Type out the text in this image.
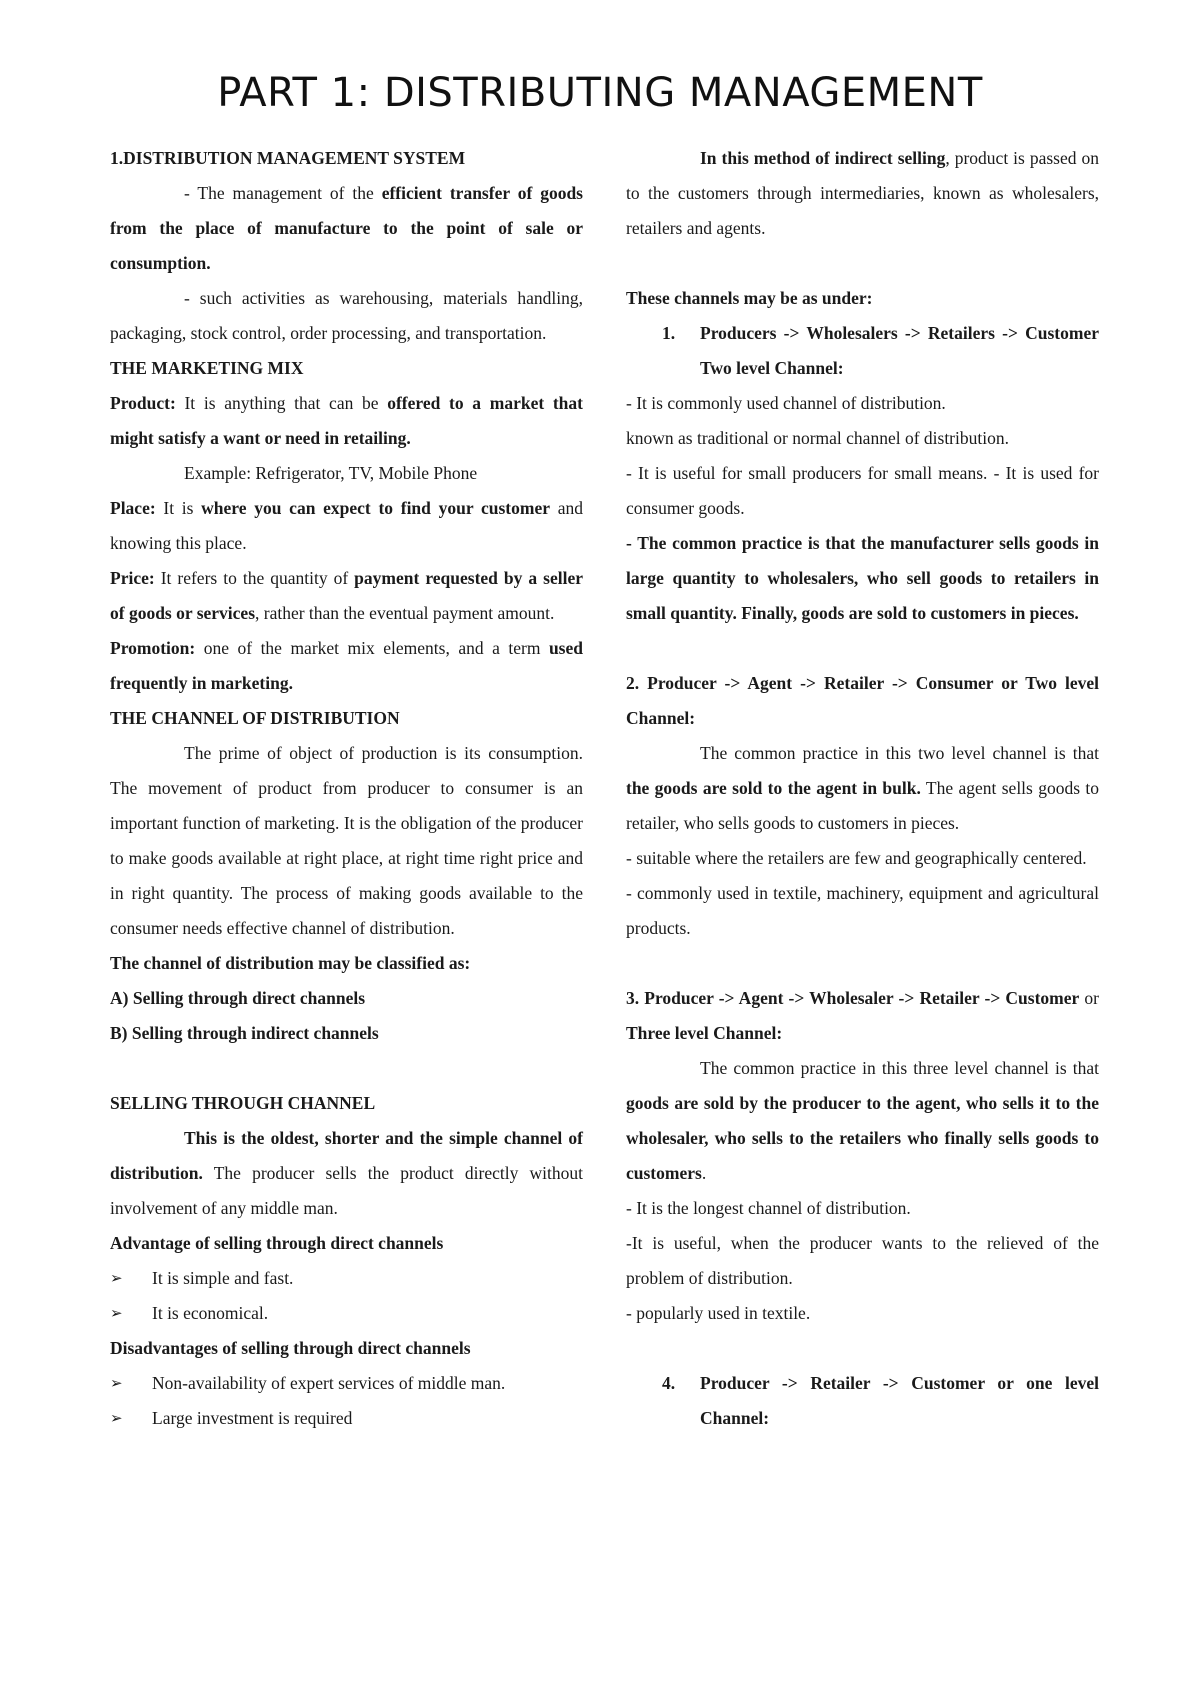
PART 1: DISTRIBUTING MANAGEMENT

1.DISTRIBUTION MANAGEMENT SYSTEM

- The management of the efficient transfer of goods from the place of manufacture to the point of sale or consumption.

- such activities as warehousing, materials handling, packaging, stock control, order processing, and transportation.

THE MARKETING MIX

Product: It is anything that can be offered to a market that might satisfy a want or need in retailing.

Example: Refrigerator, TV, Mobile Phone

Place: It is where you can expect to find your customer and knowing this place.

Price: It refers to the quantity of payment requested by a seller of goods or services, rather than the eventual payment amount.

Promotion: one of the market mix elements, and a term used frequently in marketing.

THE CHANNEL OF DISTRIBUTION

The prime of object of production is its consumption. The movement of product from producer to consumer is an important function of marketing. It is the obligation of the producer to make goods available at right place, at right time right price and in right quantity. The process of making goods available to the consumer needs effective channel of distribution.

The channel of distribution may be classified as:

A) Selling through direct channels

B) Selling through indirect channels

SELLING THROUGH CHANNEL

This is the oldest, shorter and the simple channel of distribution. The producer sells the product directly without involvement of any middle man.

Advantage of selling through direct channels

➢	It is simple and fast.

➢	It is economical.

Disadvantages of selling through direct channels

➢	Non-availability of expert services of middle man.

➢	Large investment is required

In this method of indirect selling, product is passed on to the customers through intermediaries, known as wholesalers, retailers and agents.

These channels may be as under:

1. Producers -> Wholesalers -> Retailers -> Customer Two level Channel:

- It is commonly used channel of distribution.

known as traditional or normal channel of distribution.

- It is useful for small producers for small means. - It is used for consumer goods.

- The common practice is that the manufacturer sells goods in large quantity to wholesalers, who sell goods to retailers in small quantity. Finally, goods are sold to customers in pieces.

2. Producer -> Agent -> Retailer -> Consumer or Two level Channel:

The common practice in this two level channel is that the goods are sold to the agent in bulk. The agent sells goods to retailer, who sells goods to customers in pieces.

- suitable where the retailers are few and geographically centered.

- commonly used in textile, machinery, equipment and agricultural products.

3. Producer -> Agent -> Wholesaler -> Retailer -> Customer or Three level Channel:

The common practice in this three level channel is that goods are sold by the producer to the agent, who sells it to the wholesaler, who sells to the retailers who finally sells goods to customers.

- It is the longest channel of distribution.

-It is useful, when the producer wants to the relieved of the problem of distribution.

- popularly used in textile.

4. Producer -> Retailer -> Customer or one level Channel:
